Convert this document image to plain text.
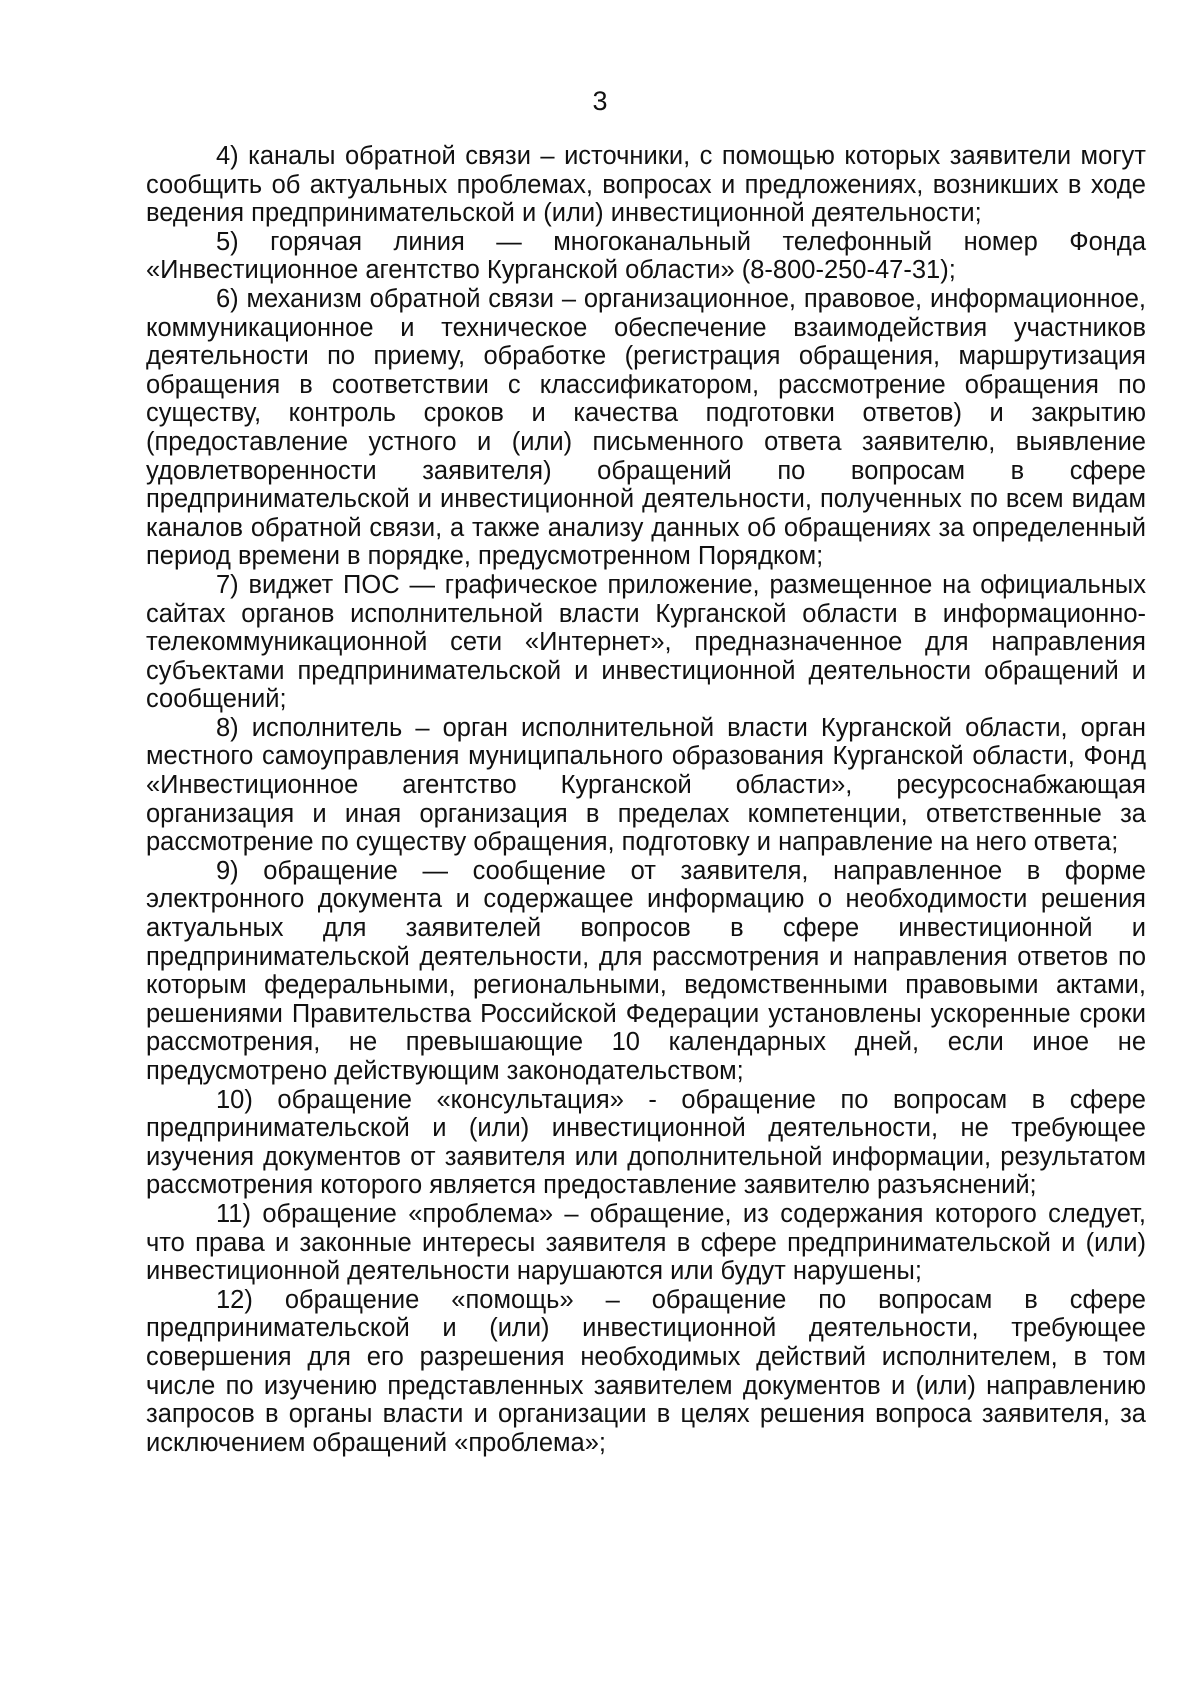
3

4) каналы обратной связи – источники, с помощью которых заявители могут сообщить об актуальных проблемах, вопросах и предложениях, возникших в ходе ведения предпринимательской и (или) инвестиционной деятельности;

5) горячая линия — многоканальный телефонный номер Фонда «Инвестиционное агентство Курганской области» (8-800-250-47-31);

6) механизм обратной связи – организационное, правовое, информационное, коммуникационное и техническое обеспечение взаимодействия участников деятельности по приему, обработке (регистрация обращения, маршрутизация обращения в соответствии с классификатором, рассмотрение обращения по существу, контроль сроков и качества подготовки ответов) и закрытию (предоставление устного и (или) письменного ответа заявителю, выявление удовлетворенности заявителя) обращений по вопросам в сфере предпринимательской и инвестиционной деятельности, полученных по всем видам каналов обратной связи, а также анализу данных об обращениях за определенный период времени в порядке, предусмотренном Порядком;

7) виджет ПОС — графическое приложение, размещенное на официальных сайтах органов исполнительной власти Курганской области в информационно-телекоммуникационной сети «Интернет», предназначенное для направления субъектами предпринимательской и инвестиционной деятельности обращений и сообщений;

8) исполнитель – орган исполнительной власти Курганской области, орган местного самоуправления муниципального образования Курганской области, Фонд «Инвестиционное агентство Курганской области», ресурсоснабжающая организация и иная организация в пределах компетенции, ответственные за рассмотрение по существу обращения, подготовку и направление на него ответа;

9) обращение — сообщение от заявителя, направленное в форме электронного документа и содержащее информацию о необходимости решения актуальных для заявителей вопросов в сфере инвестиционной и предпринимательской деятельности, для рассмотрения и направления ответов по которым федеральными, региональными, ведомственными правовыми актами, решениями Правительства Российской Федерации установлены ускоренные сроки рассмотрения, не превышающие 10 календарных дней, если иное не предусмотрено действующим законодательством;

10) обращение «консультация» - обращение по вопросам в сфере предпринимательской и (или) инвестиционной деятельности, не требующее изучения документов от заявителя или дополнительной информации, результатом рассмотрения которого является предоставление заявителю разъяснений;

11) обращение «проблема» – обращение, из содержания которого следует, что права и законные интересы заявителя в сфере предпринимательской и (или) инвестиционной деятельности нарушаются или будут нарушены;

12) обращение «помощь» – обращение по вопросам в сфере предпринимательской и (или) инвестиционной деятельности, требующее совершения для его разрешения необходимых действий исполнителем, в том числе по изучению представленных заявителем документов и (или) направлению запросов в органы власти и организации в целях решения вопроса заявителя, за исключением обращений «проблема»;
